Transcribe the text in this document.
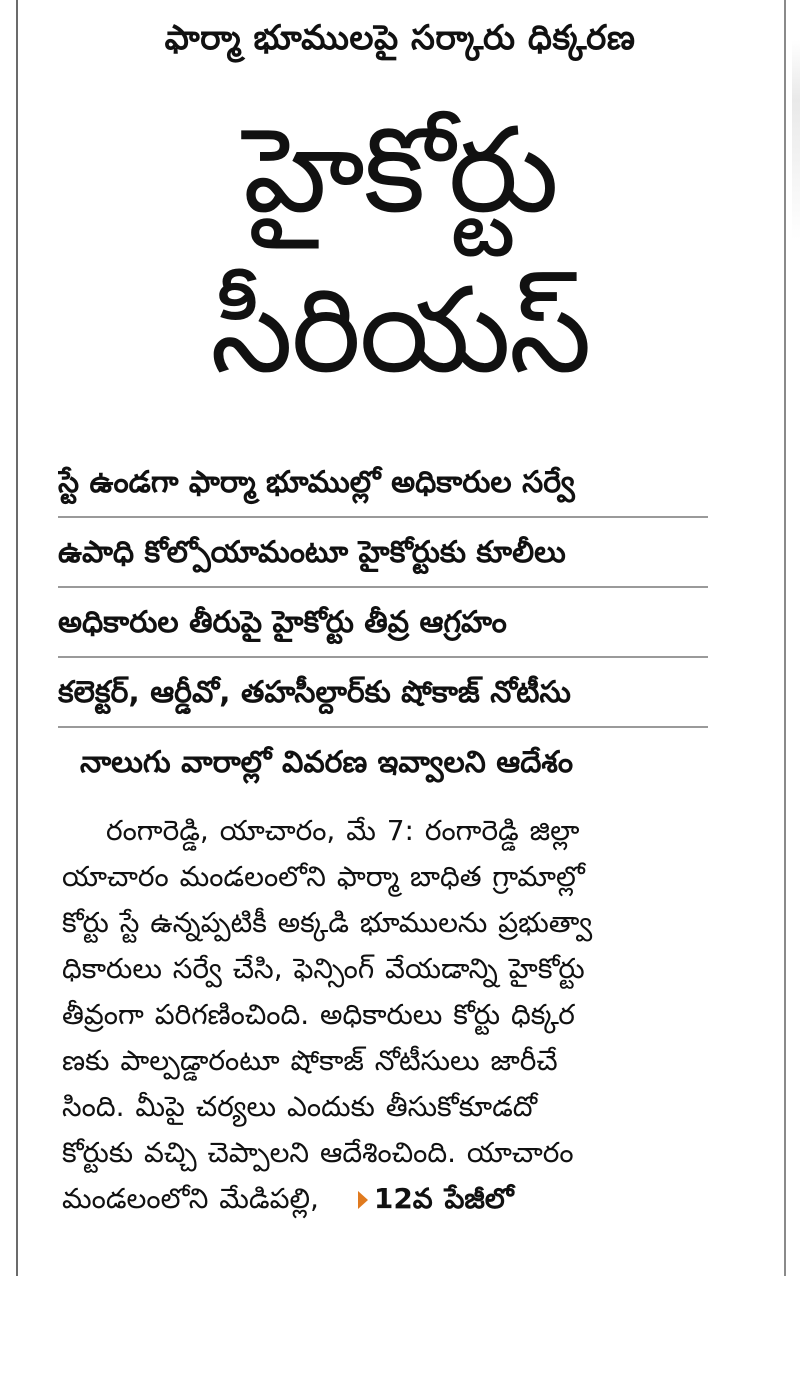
ఫార్మా భూములపై సర్కారు ధిక్కరణ
హైకోర్టు
సీరియస్
స్టే ఉండగా ఫార్మా భూముల్లో అధికారుల సర్వే
ఉపాధి కోల్పోయామంటూ హైకోర్టుకు కూలీలు
అధికారుల తీరుపై హైకోర్టు తీవ్ర ఆగ్రహం
కలెక్టర్, ఆర్డీవో, తహసీల్దార్‌కు షోకాజ్ నోటీసు
నాలుగు వారాల్లో వివరణ ఇవ్వాలని ఆదేశం
రంగారెడ్డి, యాచారం, మే 7: రంగారెడ్డి జిల్లా
యాచారం మండలంలోని ఫార్మా బాధిత గ్రామాల్లో
కోర్టు స్టే ఉన్నప్పటికీ అక్కడి భూములను ప్రభుత్వా
ధికారులు సర్వే చేసి, ఫెన్సింగ్ వేయడాన్ని హైకోర్టు
తీవ్రంగా పరిగణించింది. అధికారులు కోర్టు ధిక్కర
ణకు పాల్పడ్డారంటూ షోకాజ్ నోటీసులు జారీచే
సింది. మీపై చర్యలు ఎందుకు తీసుకోకూడదో
కోర్టుకు వచ్చి చెప్పాలని ఆదేశించింది. యాచారం
మండలంలోని మేడిపల్లి, 12వ పేజీలో
